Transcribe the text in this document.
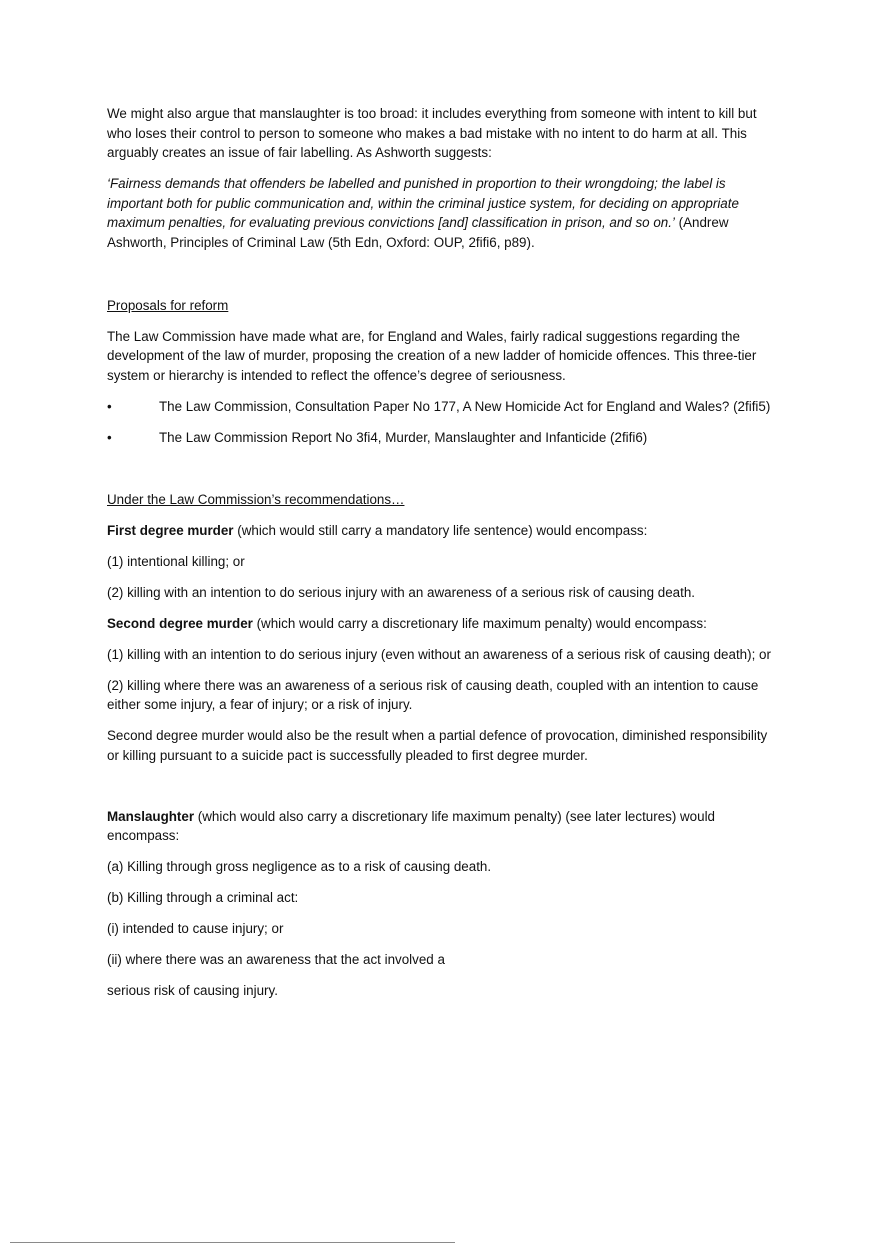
We might also argue that manslaughter is too broad: it includes everything from someone with intent to kill but who loses their control to person to someone who makes a bad mistake with no intent to do harm at all. This arguably creates an issue of fair labelling. As Ashworth suggests:

‘Fairness demands that offenders be labelled and punished in proportion to their wrongdoing; the label is important both for public communication and, within the criminal justice system, for deciding on appropriate maximum penalties, for evaluating previous convictions [and] classification in prison, and so on.’ (Andrew Ashworth, Principles of Criminal Law (5th Edn, Oxford: OUP, 2fifi6, p89).

Proposals for reform

The Law Commission have made what are, for England and Wales, fairly radical suggestions regarding the development of the law of murder, proposing the creation of a new ladder of homicide offences. This three-tier system or hierarchy is intended to reflect the offence’s degree of seriousness.

•	The Law Commission, Consultation Paper No 177, A New Homicide Act for England and Wales? (2fifi5)
•	The Law Commission Report No 3fi4, Murder, Manslaughter and Infanticide (2fifi6)

Under the Law Commission’s recommendations…

First degree murder (which would still carry a mandatory life sentence) would encompass:

(1) intentional killing; or

(2) killing with an intention to do serious injury with an awareness of a serious risk of causing death.

Second degree murder (which would carry a discretionary life maximum penalty) would encompass:

(1) killing with an intention to do serious injury (even without an awareness of a serious risk of causing death); or

(2) killing where there was an awareness of a serious risk of causing death, coupled with an intention to cause either some injury, a fear of injury; or a risk of injury.

Second degree murder would also be the result when a partial defence of provocation, diminished responsibility or killing pursuant to a suicide pact is successfully pleaded to first degree murder.

Manslaughter (which would also carry a discretionary life maximum penalty) (see later lectures) would encompass:

(a) Killing through gross negligence as to a risk of causing death.

(b) Killing through a criminal act:

(i) intended to cause injury; or

(ii) where there was an awareness that the act involved a

serious risk of causing injury.
